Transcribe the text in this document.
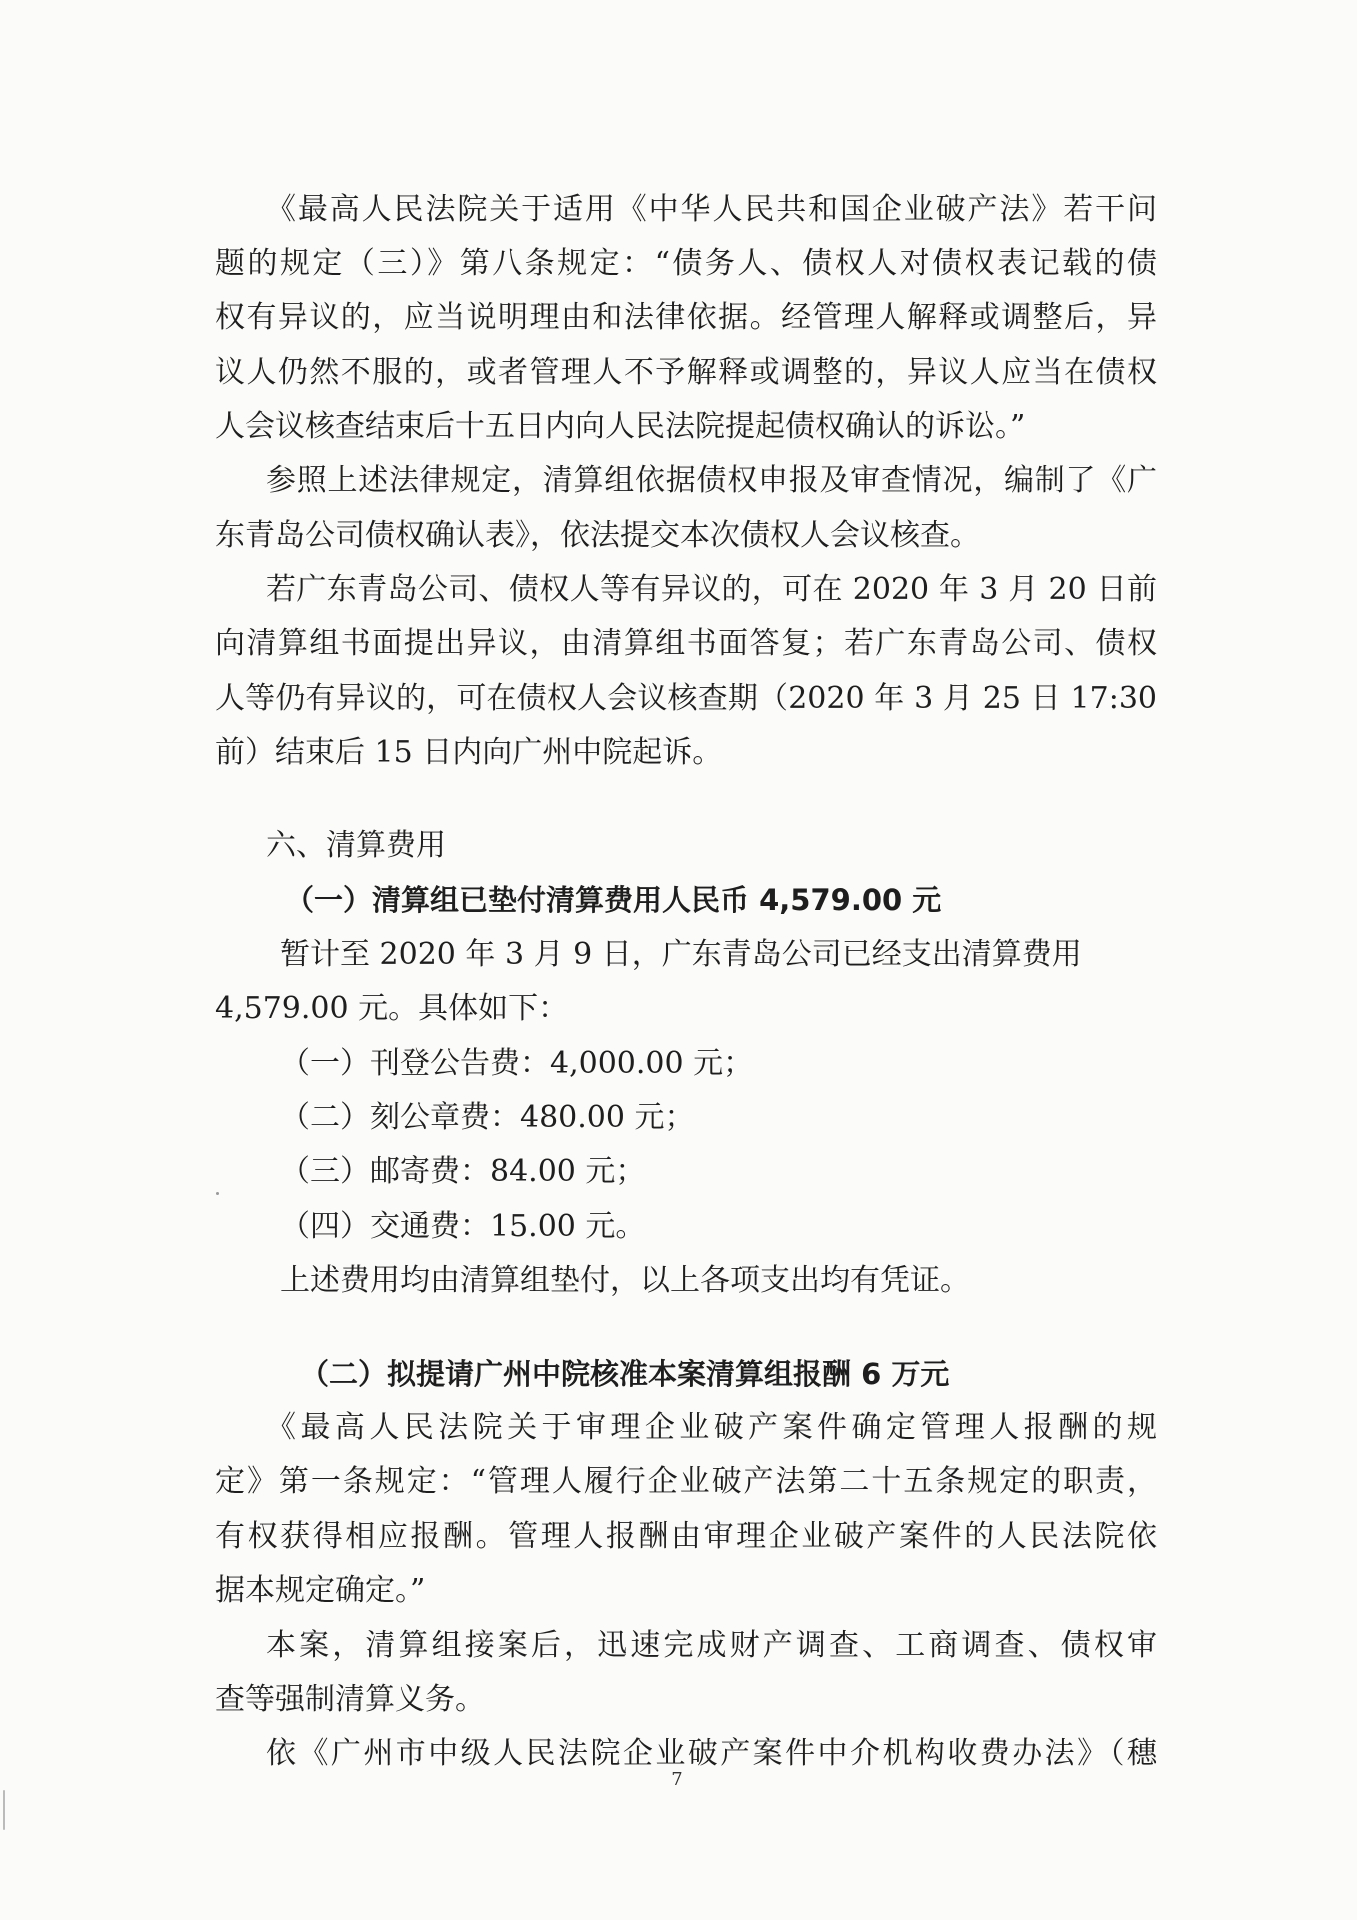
《最高人民法院关于适用《中华人民共和国企业破产法》若干问

题的规定（三）》第八条规定：“债务人、债权人对债权表记载的债

权有异议的，应当说明理由和法律依据。经管理人解释或调整后，异

议人仍然不服的，或者管理人不予解释或调整的，异议人应当在债权

人会议核查结束后十五日内向人民法院提起债权确认的诉讼。”

参照上述法律规定，清算组依据债权申报及审查情况，编制了《广

东青岛公司债权确认表》，依法提交本次债权人会议核查。

若广东青岛公司、债权人等有异议的，可在 2020 年 3 月 20 日前

向清算组书面提出异议，由清算组书面答复；若广东青岛公司、债权

人等仍有异议的，可在债权人会议核查期（2020 年 3 月 25 日 17:30

前）结束后 15 日内向广州中院起诉。

六、清算费用

（一）清算组已垫付清算费用人民币 4,579.00 元

暂计至 2020 年 3 月 9 日，广东青岛公司已经支出清算费用

4,579.00 元。具体如下：

（一）刊登公告费：4,000.00 元；

（二）刻公章费：480.00 元；

（三）邮寄费：84.00 元；

（四）交通费：15.00 元。

上述费用均由清算组垫付，以上各项支出均有凭证。

（二）拟提请广州中院核准本案清算组报酬 6 万元

《最高人民法院关于审理企业破产案件确定管理人报酬的规

定》第一条规定：“管理人履行企业破产法第二十五条规定的职责，

有权获得相应报酬。管理人报酬由审理企业破产案件的人民法院依

据本规定确定。”

本案，清算组接案后，迅速完成财产调查、工商调查、债权审

查等强制清算义务。

依《广州市中级人民法院企业破产案件中介机构收费办法》（穗

7
